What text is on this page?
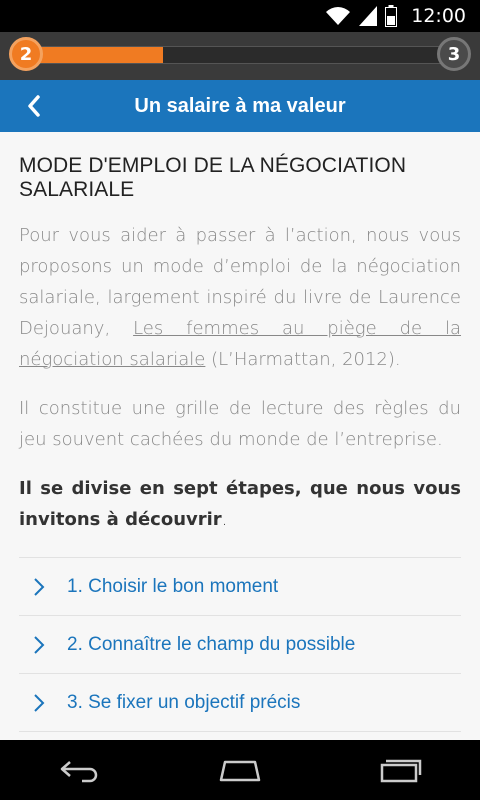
12:00
2	3
Un salaire à ma valeur
MODE D'EMPLOI DE LA NÉGOCIATION SALARIALE

Pour vous aider à passer à l’action, nous vous proposons un mode d’emploi de la négociation salariale, largement inspiré du livre de Laurence Dejouany, Les femmes au piège de la négociation salariale (L’Harmattan, 2012).

Il constitue une grille de lecture des règles du jeu souvent cachées du monde de l’entreprise.

Il se divise en sept étapes, que nous vous invitons à découvrir.

1. Choisir le bon moment
2. Connaître le champ du possible
3. Se fixer un objectif précis
